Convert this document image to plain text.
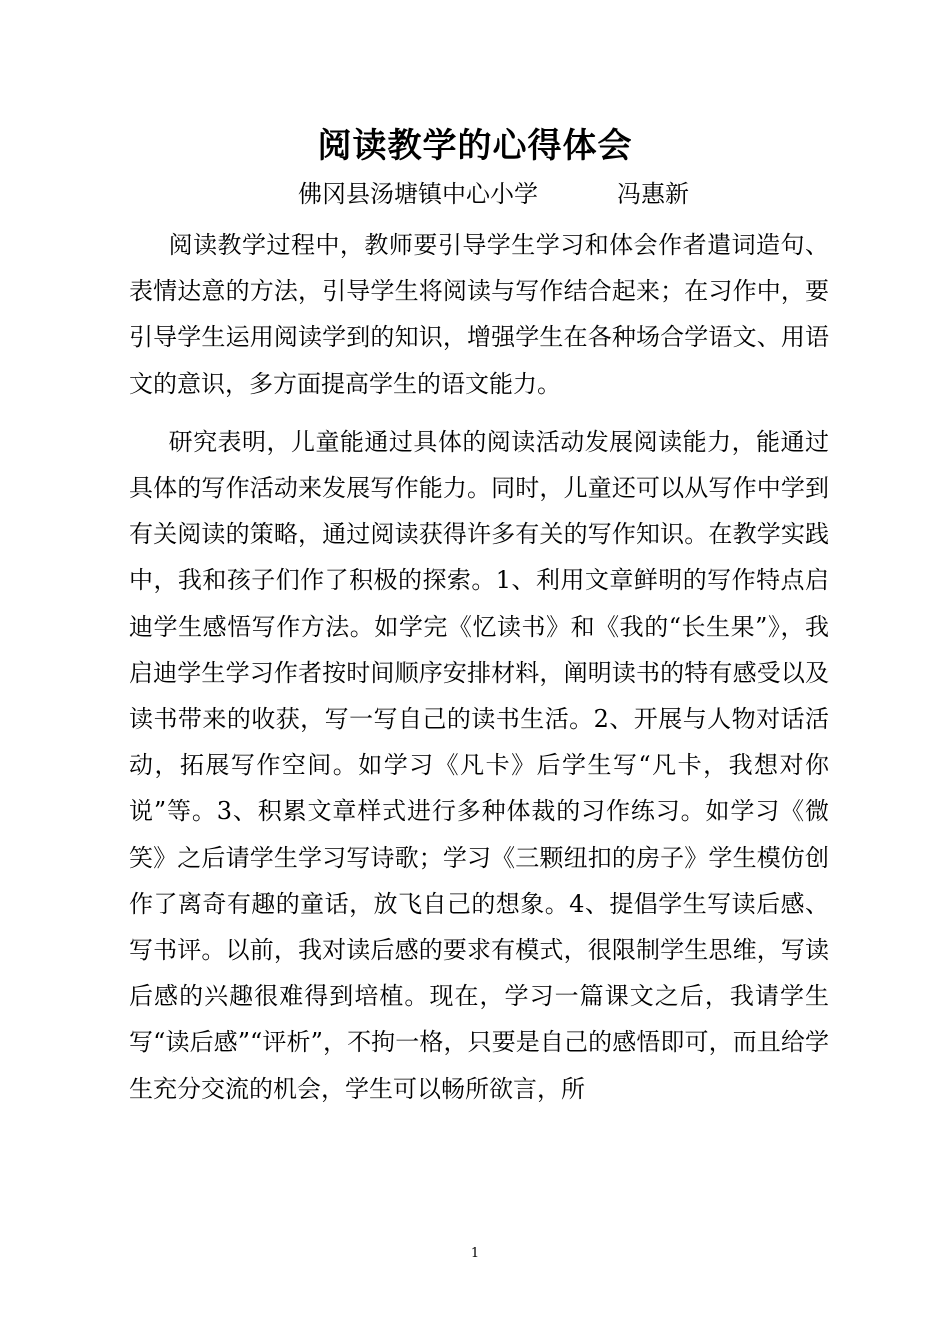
阅读教学的心得体会
佛冈县汤塘镇中心小学	冯惠新

阅读教学过程中，教师要引导学生学习和体会作者遣词造句、表情达意的方法，引导学生将阅读与写作结合起来；在习作中，要引导学生运用阅读学到的知识，增强学生在各种场合学语文、用语文的意识，多方面提高学生的语文能力。

研究表明，儿童能通过具体的阅读活动发展阅读能力，能通过具体的写作活动来发展写作能力。同时，儿童还可以从写作中学到有关阅读的策略，通过阅读获得许多有关的写作知识。在教学实践中，我和孩子们作了积极的探索。1、利用文章鲜明的写作特点启迪学生感悟写作方法。如学完《忆读书》和《我的“长生果”》，我启迪学生学习作者按时间顺序安排材料，阐明读书的特有感受以及读书带来的收获，写一写自己的读书生活。2、开展与人物对话活动，拓展写作空间。如学习《凡卡》后学生写“凡卡，我想对你说”等。3、积累文章样式进行多种体裁的习作练习。如学习《微笑》之后请学生学习写诗歌；学习《三颗纽扣的房子》学生模仿创作了离奇有趣的童话，放飞自己的想象。4、提倡学生写读后感、写书评。以前，我对读后感的要求有模式，很限制学生思维，写读后感的兴趣很难得到培植。现在，学习一篇课文之后，我请学生写“读后感”“评析”，不拘一格，只要是自己的感悟即可，而且给学生充分交流的机会，学生可以畅所欲言，所

1
